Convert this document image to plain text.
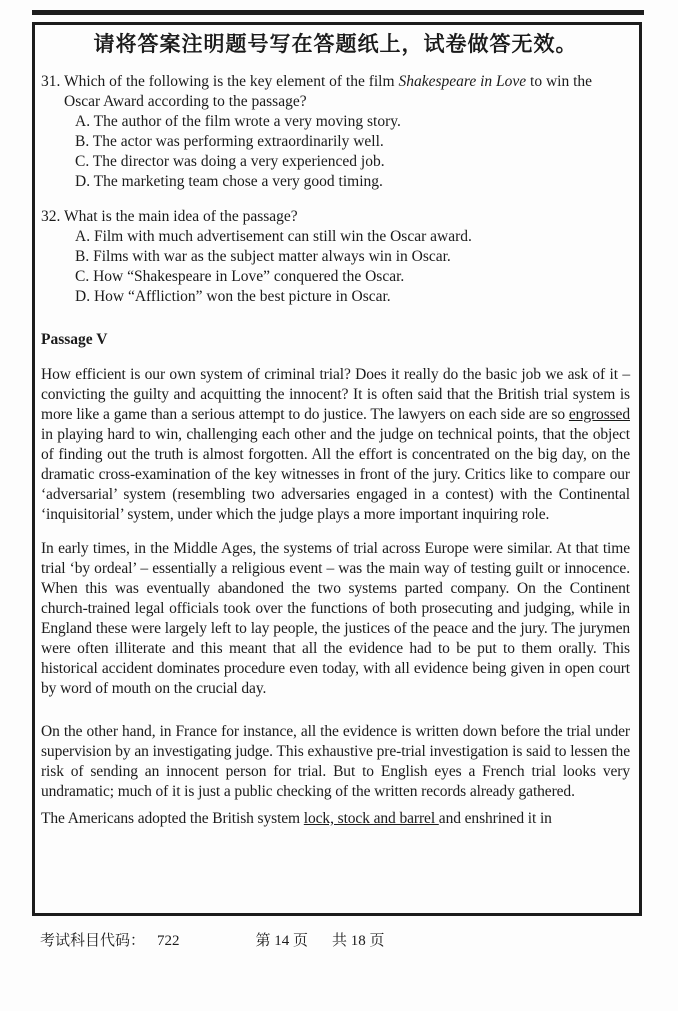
请将答案注明题号写在答题纸上，试卷做答无效。

31. Which of the following is the key element of the film Shakespeare in Love to win the Oscar Award according to the passage?

A. The author of the film wrote a very moving story.

B. The actor was performing extraordinarily well.

C. The director was doing a very experienced job.

D. The marketing team chose a very good timing.

32. What is the main idea of the passage?

A. Film with much advertisement can still win the Oscar award.

B. Films with war as the subject matter always win in Oscar.

C. How “Shakespeare in Love” conquered the Oscar.

D. How “Affliction” won the best picture in Oscar.

Passage V

How efficient is our own system of criminal trial? Does it really do the basic job we ask of it – convicting the guilty and acquitting the innocent? It is often said that the British trial system is more like a game than a serious attempt to do justice. The lawyers on each side are so engrossed in playing hard to win, challenging each other and the judge on technical points, that the object of finding out the truth is almost forgotten. All the effort is concentrated on the big day, on the dramatic cross-examination of the key witnesses in front of the jury. Critics like to compare our ‘adversarial’ system (resembling two adversaries engaged in a contest) with the Continental ‘inquisitorial’ system, under which the judge plays a more important inquiring role.

In early times, in the Middle Ages, the systems of trial across Europe were similar. At that time trial ‘by ordeal’ – essentially a religious event – was the main way of testing guilt or innocence. When this was eventually abandoned the two systems parted company. On the Continent church-trained legal officials took over the functions of both prosecuting and judging, while in England these were largely left to lay people, the justices of the peace and the jury. The jurymen were often illiterate and this meant that all the evidence had to be put to them orally. This historical accident dominates procedure even today, with all evidence being given in open court by word of mouth on the crucial day.

On the other hand, in France for instance, all the evidence is written down before the trial under supervision by an investigating judge. This exhaustive pre-trial investigation is said to lessen the risk of sending an innocent person for trial. But to English eyes a French trial looks very undramatic; much of it is just a public checking of the written records already gathered.

The Americans adopted the British system lock, stock and barrel and enshrined it in

考试科目代码： 722	第 14 页 共 18 页
